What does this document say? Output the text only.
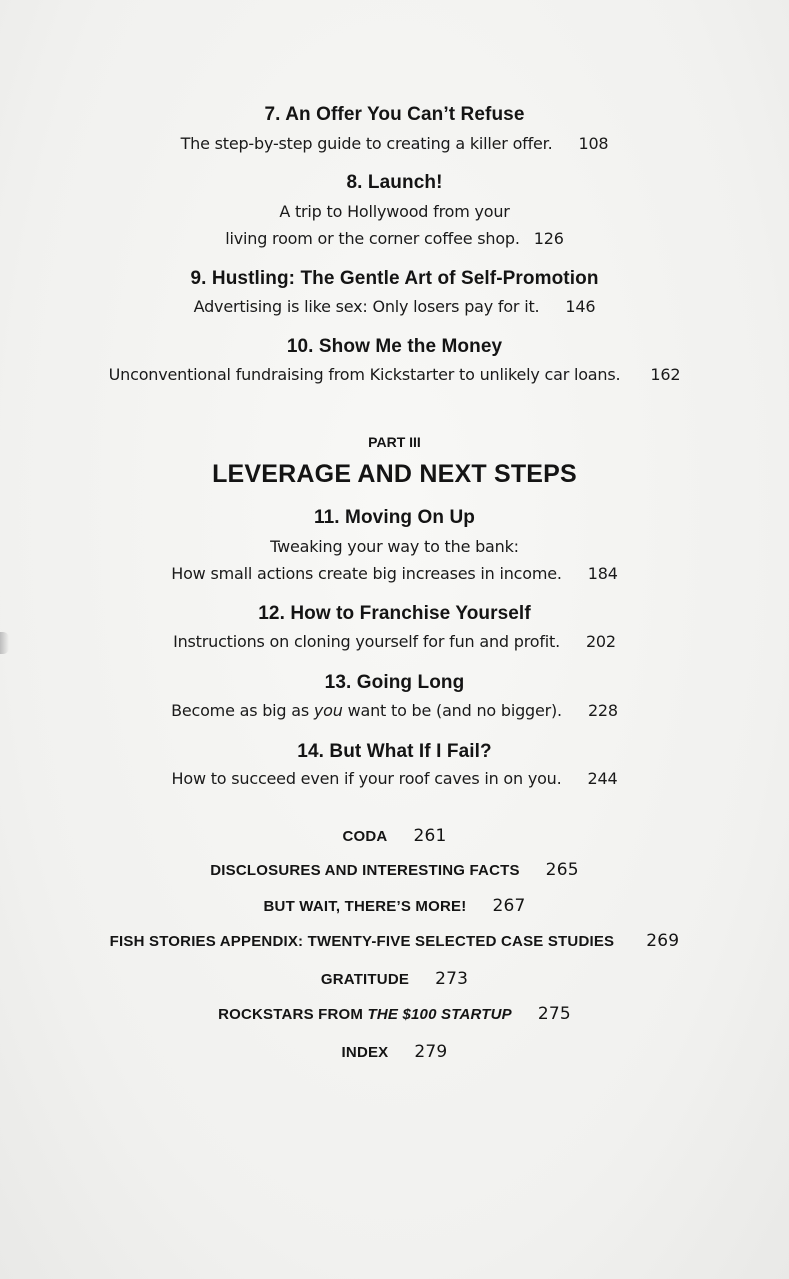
7. An Offer You Can’t Refuse
The step-by-step guide to creating a killer offer. 108
8. Launch!
A trip to Hollywood from your
living room or the corner coffee shop. 126
9. Hustling: The Gentle Art of Self-Promotion
Advertising is like sex: Only losers pay for it. 146
10. Show Me the Money
Unconventional fundraising from Kickstarter to unlikely car loans. 162
PART III
LEVERAGE AND NEXT STEPS
11. Moving On Up
Tweaking your way to the bank:
How small actions create big increases in income. 184
12. How to Franchise Yourself
Instructions on cloning yourself for fun and profit. 202
13. Going Long
Become as big as you want to be (and no bigger). 228
14. But What If I Fail?
How to succeed even if your roof caves in on you. 244
CODA 261
DISCLOSURES AND INTERESTING FACTS 265
BUT WAIT, THERE’S MORE! 267
FISH STORIES APPENDIX: TWENTY-FIVE SELECTED CASE STUDIES 269
GRATITUDE 273
ROCKSTARS FROM THE $100 STARTUP 275
INDEX 279
